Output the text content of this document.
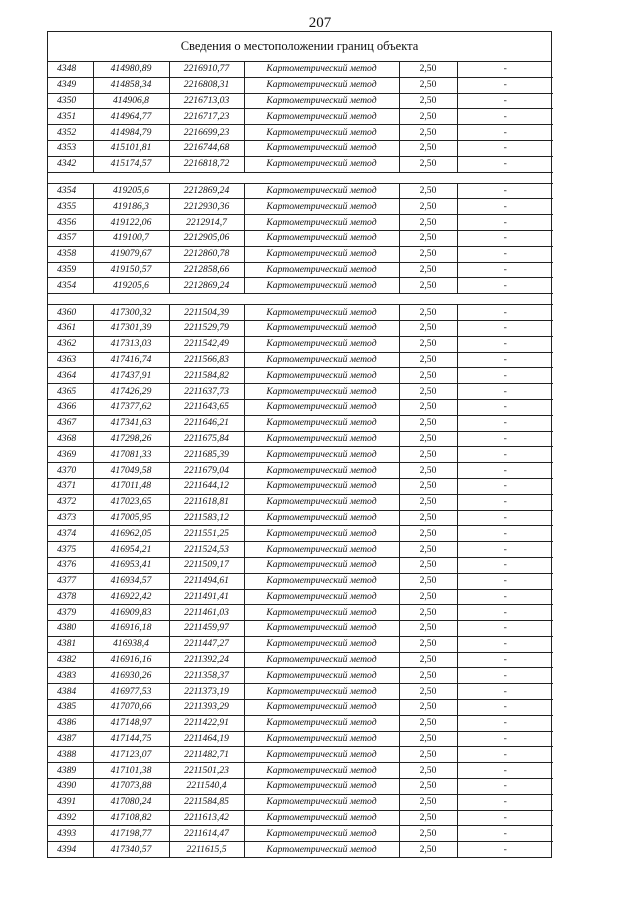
207
Сведения о местоположении границ объекта
4348	414980,89	2216910,77	Картометрический метод	2,50	-
4349	414858,34	2216808,31	Картометрический метод	2,50	-
4350	414906,8	2216713,03	Картометрический метод	2,50	-
4351	414964,77	2216717,23	Картометрический метод	2,50	-
4352	414984,79	2216699,23	Картометрический метод	2,50	-
4353	415101,81	2216744,68	Картометрический метод	2,50	-
4342	415174,57	2216818,72	Картометрический метод	2,50	-

4354	419205,6	2212869,24	Картометрический метод	2,50	-
4355	419186,3	2212930,36	Картометрический метод	2,50	-
4356	419122,06	2212914,7	Картометрический метод	2,50	-
4357	419100,7	2212905,06	Картометрический метод	2,50	-
4358	419079,67	2212860,78	Картометрический метод	2,50	-
4359	419150,57	2212858,66	Картометрический метод	2,50	-
4354	419205,6	2212869,24	Картометрический метод	2,50	-

4360	417300,32	2211504,39	Картометрический метод	2,50	-
4361	417301,39	2211529,79	Картометрический метод	2,50	-
4362	417313,03	2211542,49	Картометрический метод	2,50	-
4363	417416,74	2211566,83	Картометрический метод	2,50	-
4364	417437,91	2211584,82	Картометрический метод	2,50	-
4365	417426,29	2211637,73	Картометрический метод	2,50	-
4366	417377,62	2211643,65	Картометрический метод	2,50	-
4367	417341,63	2211646,21	Картометрический метод	2,50	-
4368	417298,26	2211675,84	Картометрический метод	2,50	-
4369	417081,33	2211685,39	Картометрический метод	2,50	-
4370	417049,58	2211679,04	Картометрический метод	2,50	-
4371	417011,48	2211644,12	Картометрический метод	2,50	-
4372	417023,65	2211618,81	Картометрический метод	2,50	-
4373	417005,95	2211583,12	Картометрический метод	2,50	-
4374	416962,05	2211551,25	Картометрический метод	2,50	-
4375	416954,21	2211524,53	Картометрический метод	2,50	-
4376	416953,41	2211509,17	Картометрический метод	2,50	-
4377	416934,57	2211494,61	Картометрический метод	2,50	-
4378	416922,42	2211491,41	Картометрический метод	2,50	-
4379	416909,83	2211461,03	Картометрический метод	2,50	-
4380	416916,18	2211459,97	Картометрический метод	2,50	-
4381	416938,4	2211447,27	Картометрический метод	2,50	-
4382	416916,16	2211392,24	Картометрический метод	2,50	-
4383	416930,26	2211358,37	Картометрический метод	2,50	-
4384	416977,53	2211373,19	Картометрический метод	2,50	-
4385	417070,66	2211393,29	Картометрический метод	2,50	-
4386	417148,97	2211422,91	Картометрический метод	2,50	-
4387	417144,75	2211464,19	Картометрический метод	2,50	-
4388	417123,07	2211482,71	Картометрический метод	2,50	-
4389	417101,38	2211501,23	Картометрический метод	2,50	-
4390	417073,88	2211540,4	Картометрический метод	2,50	-
4391	417080,24	2211584,85	Картометрический метод	2,50	-
4392	417108,82	2211613,42	Картометрический метод	2,50	-
4393	417198,77	2211614,47	Картометрический метод	2,50	-
4394	417340,57	2211615,5	Картометрический метод	2,50	-
